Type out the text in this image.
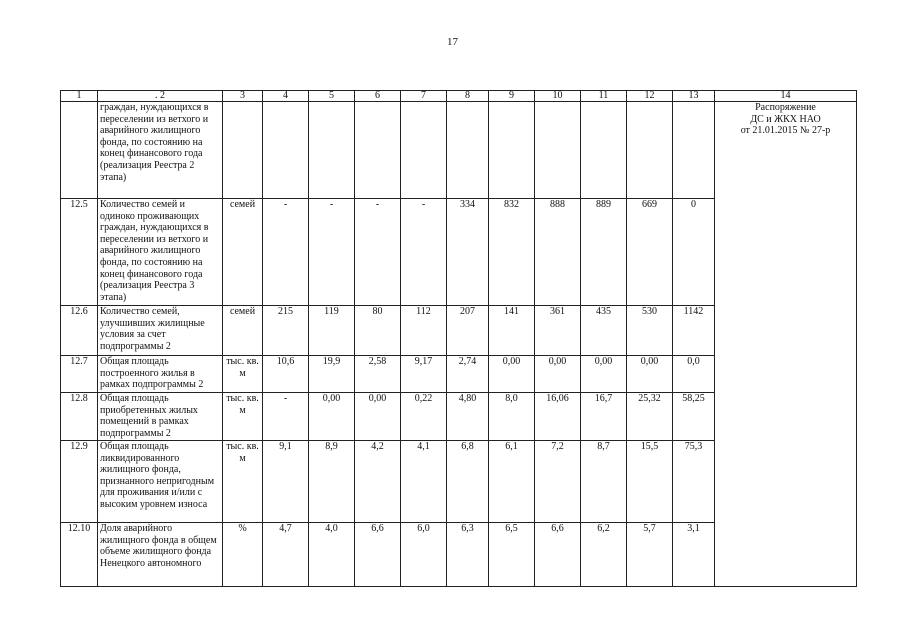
17
1	. 2	3	4	5	6	7	8	9	10	11	12	13	14
	граждан, нуждающихся в переселении из ветхого и аварийного жилищного фонда, по состоянию на конец финансового года (реализация Реестра 2 этапа)												Распоряжение
ДС и ЖКХ НАО
от 21.01.2015 № 27-р
12.5	Количество семей и одиноко проживающих граждан, нуждающихся в переселении из ветхого и аварийного жилищного фонда, по состоянию на конец финансового года (реализация Реестра 3 этапа)	семей	-	-	-	-	334	832	888	889	669	0	
12.6	Количество семей, улучшивших жилищные условия за счет подпрограммы 2	семей	215	119	80	112	207	141	361	435	530	1142	
12.7	Общая площадь построенного жилья в рамках подпрограммы 2	тыс. кв. м	10,6	19,9	2,58	9,17	2,74	0,00	0,00	0,00	0,00	0,0	
12.8	Общая площадь приобретенных жилых помещений в рамках подпрограммы 2	тыс. кв. м	-	0,00	0,00	0,22	4,80	8,0	16,06	16,7	25,32	58,25	
12.9	Общая площадь ликвидированного жилищного фонда, признанного непригодным для проживания и/или с высоким уровнем износа	тыс. кв. м	9,1	8,9	4,2	4,1	6,8	6,1	7,2	8,7	15,5	75,3	
12.10	Доля аварийного жилищного фонда в общем объеме жилищного фонда Ненецкого автономного	%	4,7	4,0	6,6	6,0	6,3	6,5	6,6	6,2	5,7	3,1	
